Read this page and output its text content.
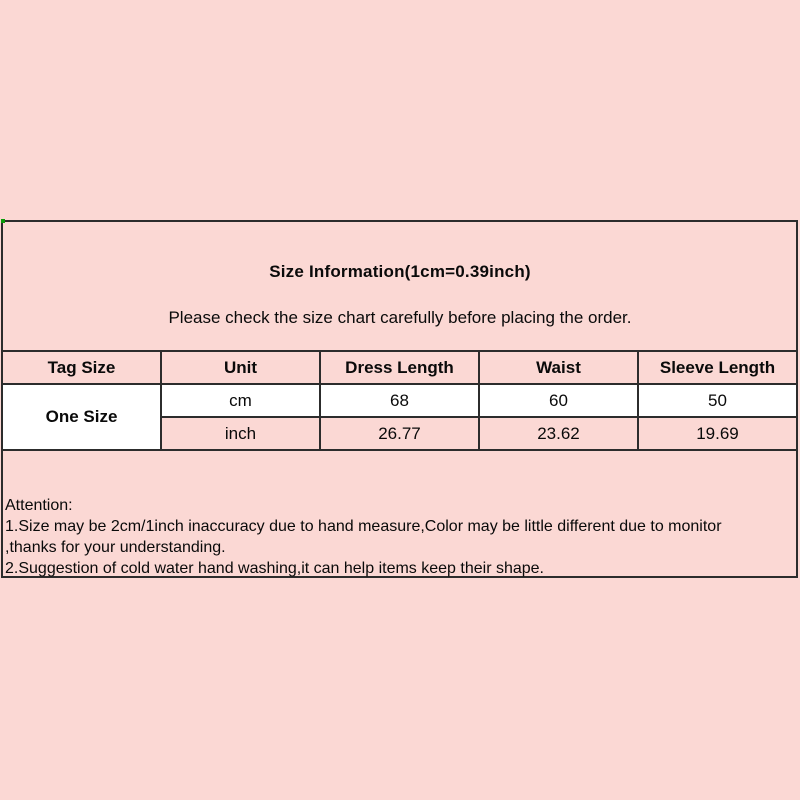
Size Information(1cm=0.39inch)
Please check the size chart carefully before placing the order.
Tag Size	Unit	Dress Length	Waist	Sleeve Length
One Size	cm	68	60	50
	inch	26.77	23.62	19.69
Attention:
1.Size may be 2cm/1inch inaccuracy due to hand measure,Color may be little different due to monitor
,thanks for your understanding.
2.Suggestion of cold water hand washing,it can help items keep their shape.
